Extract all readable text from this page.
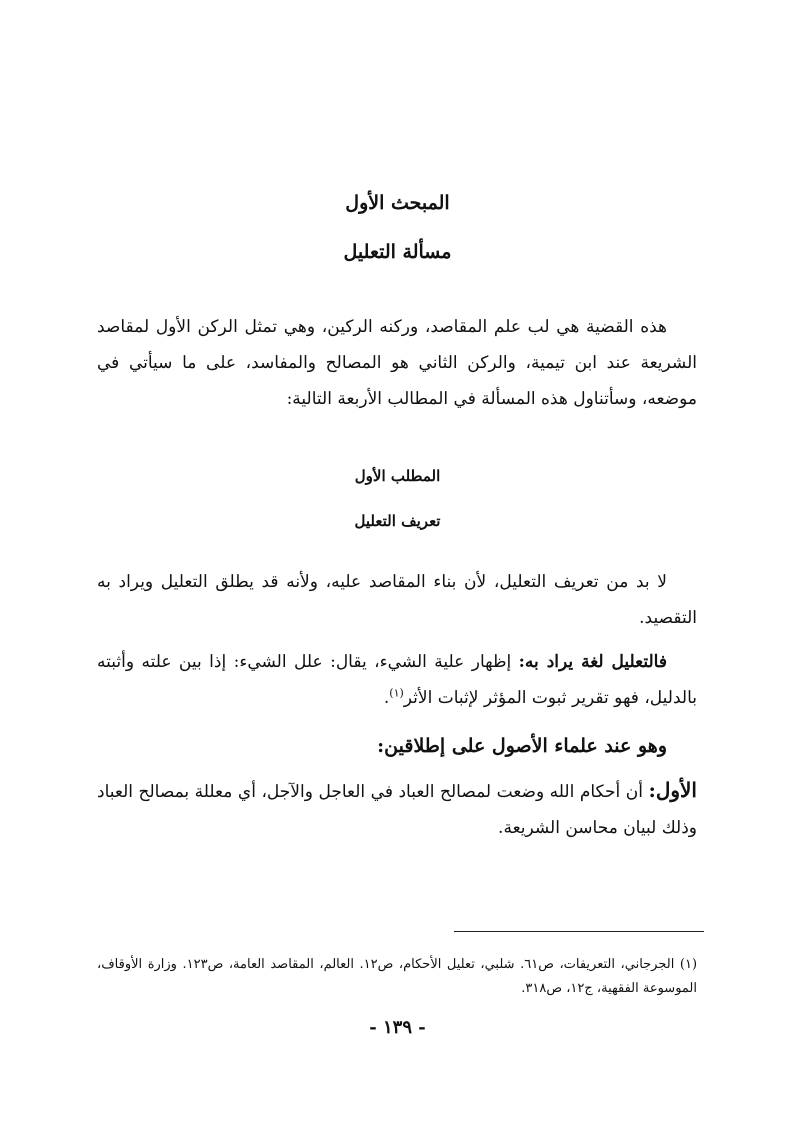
المبحث الأول
مسألة التعليل
هذه القضية هي لب علم المقاصد، وركنه الركين، وهي تمثل الركن الأول لمقاصد الشريعة عند ابن تيمية، والركن الثاني هو المصالح والمفاسد، على ما سيأتي في موضعه، وسأتناول هذه المسألة في المطالب الأربعة التالية:
المطلب الأول
تعريف التعليل
لا بد من تعريف التعليل، لأن بناء المقاصد عليه، ولأنه قد يطلق التعليل ويراد به التقصيد.
فالتعليل لغة يراد به: إظهار علية الشيء، يقال: علل الشيء: إذا بين علته وأثبته بالدليل، فهو تقرير ثبوت المؤثر لإثبات الأثر$^{(١)}$.
وهو عند علماء الأصول على إطلاقين:
الأول: أن أحكام الله وضعت لمصالح العباد في العاجل والآجل، أي معللة بمصالح العباد وذلك لبيان محاسن الشريعة.
(١) الجرجاني، التعريفات، ص٦١. شلبي، تعليل الأحكام، ص١٢. العالم، المقاصد العامة، ص١٢٣. وزارة الأوقاف، الموسوعة الفقهية، ج١٢، ص٣١٨.
- ١٣٩ -
